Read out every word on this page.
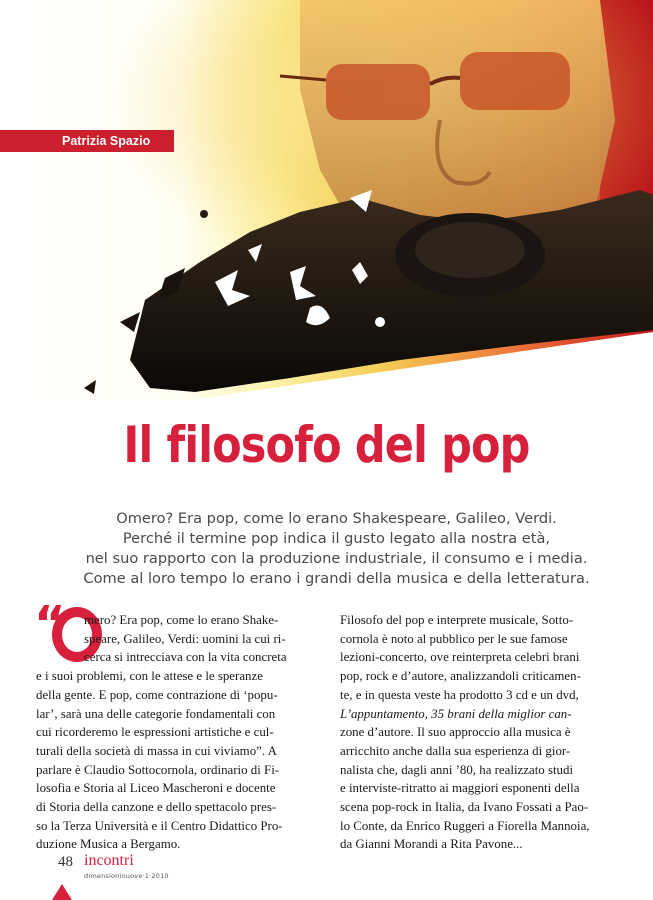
Patrizia Spazio
Il filosofo del pop
Omero? Era pop, come lo erano Shakespeare, Galileo, Verdi.
Perché il termine pop indica il gusto legato alla nostra età,
nel suo rapporto con la produzione industriale, il consumo e i media.
Come al loro tempo lo erano i grandi della musica e della letteratura.
“	mero? Era pop, come lo erano Shake-
speare, Galileo, Verdi: uomini la cui ri-
cerca si intrecciava con la vita concreta
e i suoi problemi, con le attese e le speranze
della gente. E pop, come contrazione di ‘popu-
lar’, sarà una delle categorie fondamentali con
cui ricorderemo le espressioni artistiche e cul-
turali della società di massa in cui viviamo”. A
parlare è Claudio Sottocornola, ordinario di Fi-
losofia e Storia al Liceo Mascheroni e docente
di Storia della canzone e dello spettacolo pres-
so la Terza Università e il Centro Didattico Pro-
duzione Musica a Bergamo.
Filosofo del pop e interprete musicale, Sotto-
cornola è noto al pubblico per le sue famose
lezioni-concerto, ove reinterpreta celebri brani
pop, rock e d’autore, analizzandoli criticamen-
te, e in questa veste ha prodotto 3 cd e un dvd,
L’appuntamento, 35 brani della miglior can-
zone d’autore. Il suo approccio alla musica è
arricchito anche dalla sua esperienza di gior-
nalista che, dagli anni ’80, ha realizzato studi
e interviste-ritratto ai maggiori esponenti della
scena pop-rock in Italia, da Ivano Fossati a Pao-
lo Conte, da Enrico Ruggeri a Fiorella Mannoia,
da Gianni Morandi a Rita Pavone...
48 incontri
dimensioninuove·1·2010
